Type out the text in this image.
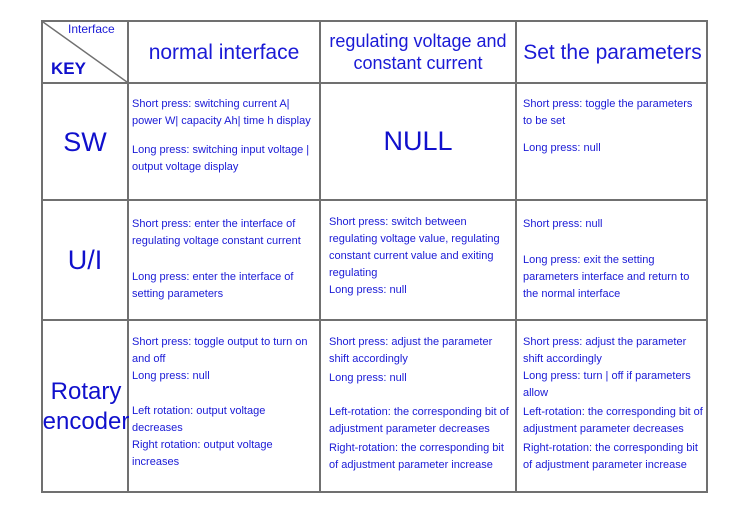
Interface
KEY
normal interface	regulating voltage and constant current	Set the parameters
SW
Short press: switching current A| power W| capacity Ah| time h display
Long press: switching input voltage | output voltage display
NULL
Short press: toggle the parameters to be set
Long press: null
U/I
Short press: enter the interface of regulating voltage constant current
Long press: enter the interface of setting parameters
Short press: switch between regulating voltage value, regulating constant current value and exiting regulating
Long press: null
Short press: null
Long press: exit the setting parameters interface and return to the normal interface
Rotary encoder
Short press: toggle output to turn on and off
Long press: null
Left rotation: output voltage decreases
Right rotation: output voltage increases
Short press: adjust the parameter shift accordingly
Long press: null
Left-rotation: the corresponding bit of adjustment parameter decreases
Right-rotation: the corresponding bit of adjustment parameter increase
Short press: adjust the parameter shift accordingly
Long press: turn | off if parameters allow
Left-rotation: the corresponding bit of adjustment parameter decreases
Right-rotation: the corresponding bit of adjustment parameter increase
